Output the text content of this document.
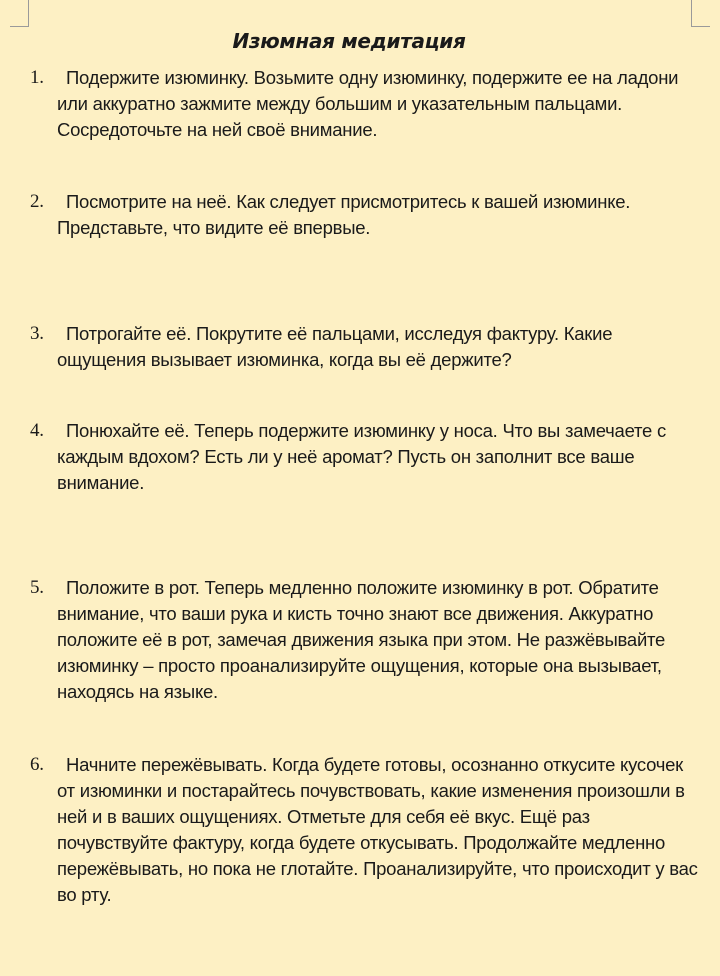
Изюмная медитация
1.	Подержите изюминку. Возьмите одну изюминку, подержите ее на ладони или аккуратно зажмите между большим и указательным пальцами. Сосредоточьте на ней своё внимание.
2.	Посмотрите на неё. Как следует присмотритесь к вашей изюминке. Представьте, что видите её впервые.
3.	Потрогайте её. Покрутите её пальцами, исследуя фактуру. Какие ощущения вызывает изюминка, когда вы её держите?
4.	Понюхайте её. Теперь подержите изюминку у носа. Что вы замечаете с каждым вдохом? Есть ли у неё аромат? Пусть он заполнит все ваше внимание.
5.	Положите в рот. Теперь медленно положите изюминку в рот. Обратите внимание, что ваши рука и кисть точно знают все движения. Аккуратно положите её в рот, замечая движения языка при этом. Не разжёвывайте изюминку – просто проанализируйте ощущения, которые она вызывает, находясь на языке.
6.	Начните пережёвывать. Когда будете готовы, осознанно откусите кусочек от изюминки и постарайтесь почувствовать, какие изменения произошли в ней и в ваших ощущениях. Отметьте для себя её вкус. Ещё раз почувствуйте фактуру, когда будете откусывать. Продолжайте медленно пережёвывать, но пока не глотайте. Проанализируйте, что происходит у вас во рту.
